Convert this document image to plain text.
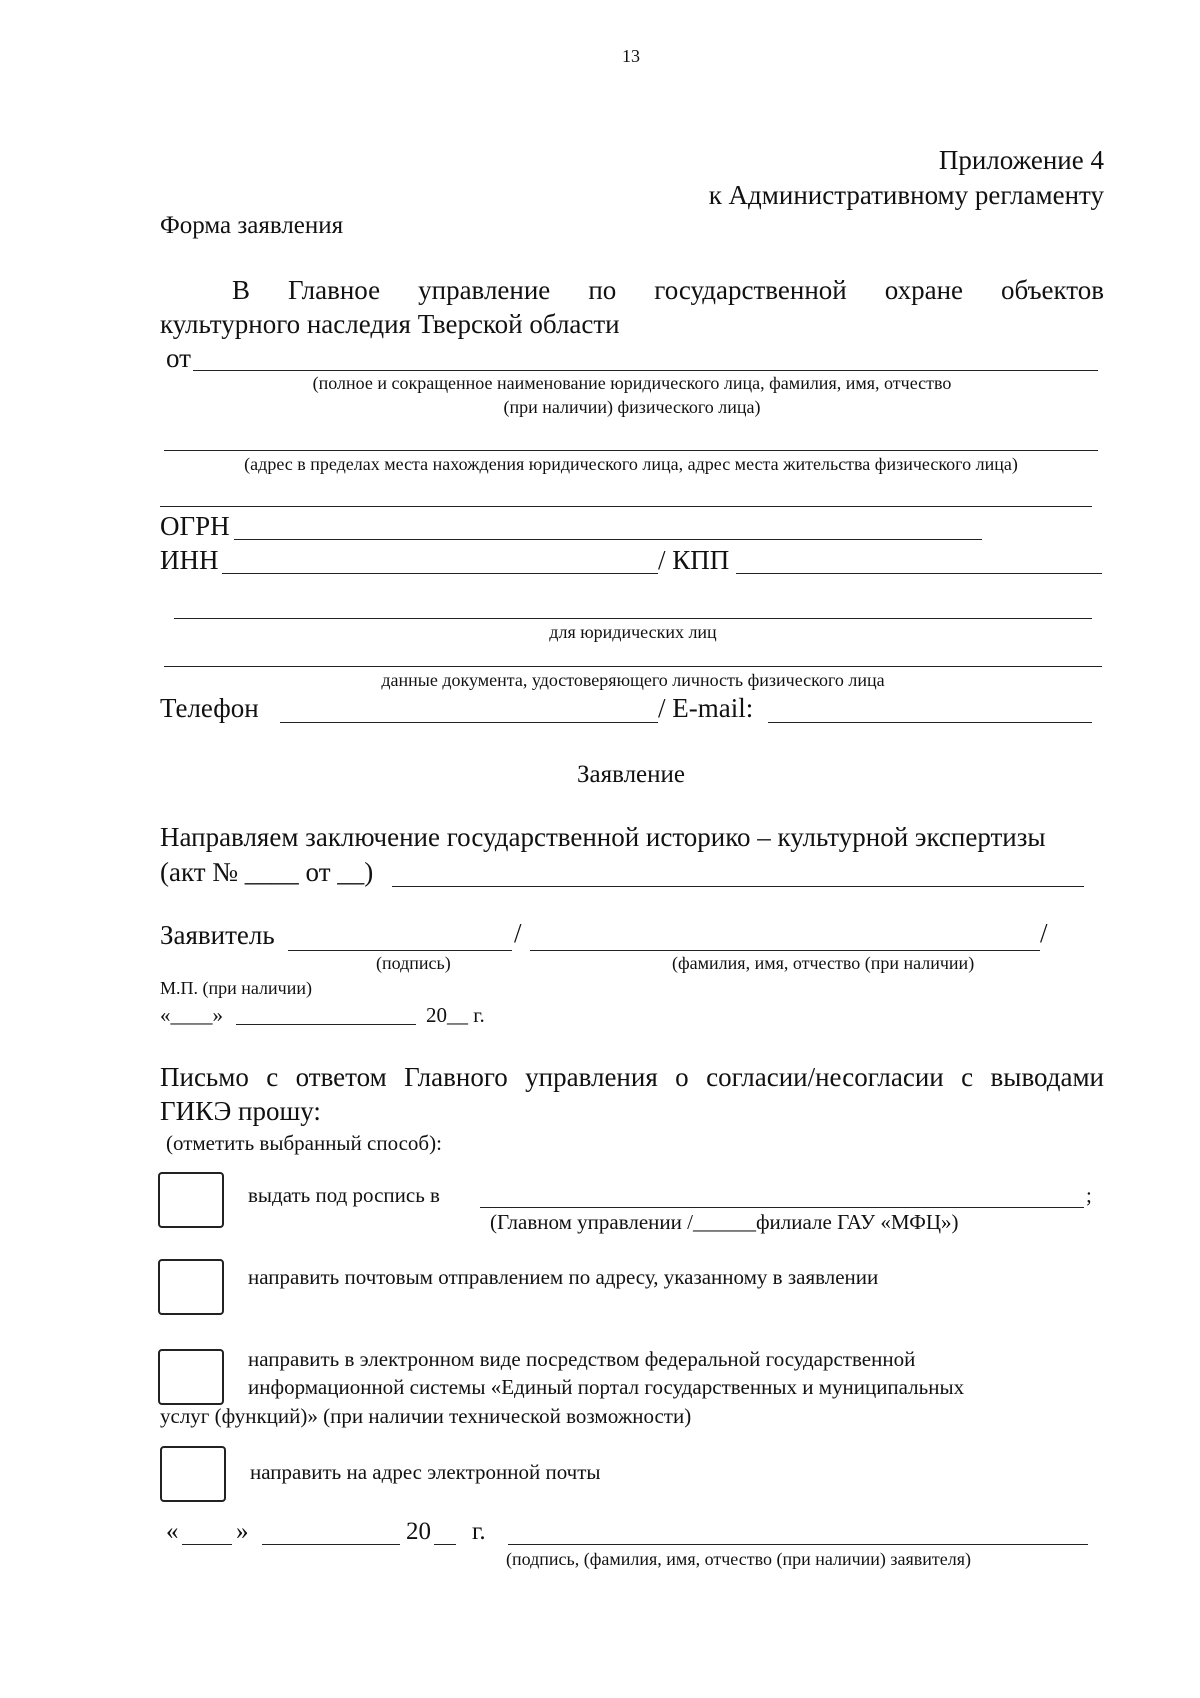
13
Приложение 4
к Административному регламенту
Форма заявления
В Главное управление по государственной охране объектов
культурного наследия Тверской области
от
(полное и сокращенное наименование юридического лица, фамилия, имя, отчество
(при наличии) физического лица)
(адрес в пределах места нахождения юридического лица, адрес места жительства физического лица)
ОГРН
ИНН	/ КПП
для юридических лиц
данные документа, удостоверяющего личность физического лица
Телефон	/ E-mail:
Заявление
Направляем заключение государственной историко – культурной экспертизы
(акт № ____ от __)
Заявитель	/	/
(подпись)	(фамилия, имя, отчество (при наличии)
М.П. (при наличии)
«____»	20__ г.
Письмо с ответом Главного управления о согласии/несогласии с выводами
ГИКЭ прошу:
(отметить выбранный способ):
выдать под роспись в	;
(Главном управлении /______филиале ГАУ «МФЦ»)
направить почтовым отправлением по адресу, указанному в заявлении
направить в электронном виде посредством федеральной государственной
информационной системы «Единый портал государственных и муниципальных
услуг (функций)» (при наличии технической возможности)
направить на адрес электронной почты
« »	20 г.
(подпись, (фамилия, имя, отчество (при наличии) заявителя)
